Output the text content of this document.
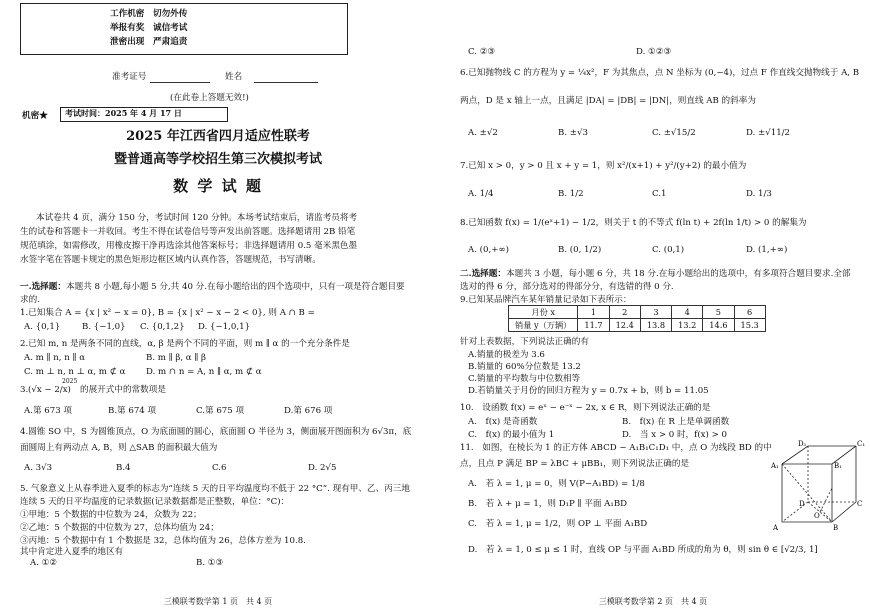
工作机密　切勿外传
举报有奖　诚信考试
泄密出现　严肃追责
准考证号	姓名
(在此卷上答题无效!)
机密★	考试时间：2025 年 4 月 17 日
2025 年江西省四月适应性联考
暨普通高等学校招生第三次模拟考试
数 学 试 题
本试卷共 4 页，满分 150 分，考试时间 120 分钟。本场考试结束后，请监考员将考
生的试卷和答题卡一并收回。考生不得在试卷信号等声发出前答题。选择题请用 2B 铅笔
规范填涂，如需修改，用橡皮擦干净再选涂其他答案标号；非选择题请用 0.5 毫米黑色墨
水签字笔在答题卡规定的黑色矩形边框区域内认真作答，答题规范，书写清晰。
一.选择题： 本题共 8 小题,每小题 5 分,共 40 分.在每小题给出的四个选项中，只有一项是符合题目要
求的.
1.已知集合 A = {x | x² − x = 0}, B = {x | x² − x − 2 < 0}, 则 A ∩ B =
A. {0,1}	B. {−1,0} C. {0,1,2} D. {−1,0,1}
2.已知 m, n 是两条不同的直线，α, β 是两个不同的平面，则 m ∥ α 的一个充分条件是
A. m ∥ n, n ∥ α	B. m ∥ β, α ∥ β
C. m ⊥ n, n ⊥ α, m ⊄ α D. m ∩ n = A, n ∥ α, m ⊄ α
3. (√x − 2/x)
2025
的展开式中的常数项是
A.第 673 项	B.第 674 项	C.第 675 项	D.第 676 项
4.圆锥 SO 中，S 为圆锥顶点，O 为底面圆的圆心，底面圆 O 半径为 3，侧面展开图面积为 6√3π，底
面圆周上有两动点 A, B，则 △SAB 的面积最大值为
A. 3√3	B.4	C.6	D. 2√5
5. 气象意义上从春季进入夏季的标志为“连续 5 天的日平均温度均不低于 22 °C”. 现有甲、乙、丙三地
连续 5 天的日平均温度的记录数据(记录数据都是正整数，单位：°C)：
①甲地：5 个数据的中位数为 24，众数为 22；
②乙地：5 个数据的中位数为 27，总体均值为 24；
③丙地：5 个数据中有 1 个数据是 32，总体均值为 26，总体方差为 10.8.
其中肯定进入夏季的地区有
A. ①②	B. ①③
三模联考数学第 1 页　共 4 页
C. ②③	D. ①②③
6.已知抛物线 C 的方程为 y = ¼x²，F 为其焦点，点 N 坐标为 (0,−4)，过点 F 作直线交抛物线于 A, B
两点，D 是 x 轴上一点，且满足 |DA| = |DB| = |DN|，则直线 AB 的斜率为
A. ±√2	B. ±√3	C. ±√15/2	D. ±√11/2
7.已知 x > 0，y > 0 且 x + y = 1，则 x²/(x+1) + y²/(y+2) 的最小值为
A. 1/4	B. 1/2	C.1	D. 1/3
8.已知函数 f(x) = 1/(eˣ+1) − 1/2，则关于 t 的不等式 f(ln t) + 2f(ln 1/t) > 0 的解集为
A. (0,+∞)	B. (0, 1/2)	C. (0,1)	D. (1,+∞)
二.选择题： 本题共 3 小题，每小题 6 分，共 18 分.在每小题给出的选项中，有多项符合题目要求.全部
选对的得 6 分，部分选对的得部分分，有选错的得 0 分.
9.已知某品牌汽车某年销量记录如下表所示：
月份 x	1	2	3	4	5	6
销量 y（万辆）	11.7	12.4	13.8	13.2	14.6	15.3
针对上表数据，下列说法正确的有
A.销量的极差为 3.6
B.销量的 60%分位数是 13.2
C.销量的平均数与中位数相等
D.若销量关于月份的回归方程为 y = 0.7x + b，则 b = 11.05
10.　设函数 f(x) = eˣ − e⁻ˣ − 2x, x ∈ R，则下列说法正确的是
A.　f(x) 是奇函数	B.　f(x) 在 R 上是单调函数
C.　f(x) 的最小值为 1	D.　当 x > 0 时，f(x) > 0
11.　如图，在棱长为 1 的正方体 ABCD − A₁B₁C₁D₁ 中，点 O 为线段 BD 的中
点，且点 P 满足 BP = λBC + μBB₁，则下列说法正确的是
A.　若 λ = 1, μ = 0，则 V(P−A₁BD) = 1/8
B.　若 λ + μ = 1，则 D₁P ∥ 平面 A₁BD
C.　若 λ = 1, μ = 1/2，则 OP ⊥ 平面 A₁BD
D.　若 λ = 1, 0 ≤ μ ≤ 1 时，直线 OP 与平面 A₁BD 所成的角为 θ，则 sin θ ∈ [√2/3, 1]
D₁	C₁
A₁	B₁
D	C
A	B
O
三模联考数学第 2 页　共 4 页
